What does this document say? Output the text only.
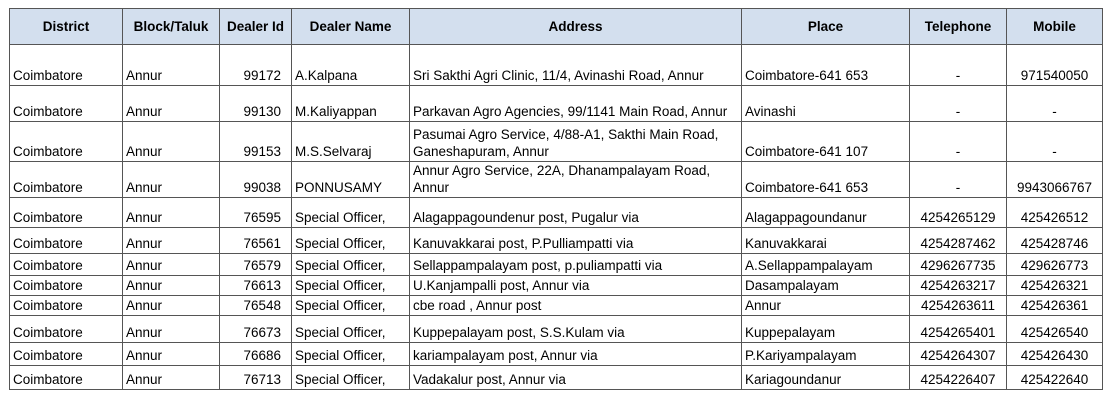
District	Block/Taluk	Dealer Id	Dealer Name	Address	Place	Telephone	Mobile
Coimbatore	Annur	99172	A.Kalpana	Sri Sakthi Agri Clinic, 11/4, Avinashi Road, Annur	Coimbatore-641 653	-	971540050
Coimbatore	Annur	99130	M.Kaliyappan	Parkavan Agro Agencies, 99/1141 Main Road, Annur	Avinashi	-	-
Coimbatore	Annur	99153	M.S.Selvaraj	Pasumai Agro Service, 4/88-A1, Sakthi Main Road, Ganeshapuram, Annur	Coimbatore-641 107	-	-
Coimbatore	Annur	99038	PONNUSAMY	Annur Agro Service, 22A, Dhanampalayam Road, Annur	Coimbatore-641 653	-	9943066767
Coimbatore	Annur	76595	Special Officer,	Alagappagoundenur post, Pugalur via	Alagappagoundanur	4254265129	425426512
Coimbatore	Annur	76561	Special Officer,	Kanuvakkarai post, P.Pulliampatti via	Kanuvakkarai	4254287462	425428746
Coimbatore	Annur	76579	Special Officer,	Sellappampalayam post, p.puliampatti via	A.Sellappampalayam	4296267735	429626773
Coimbatore	Annur	76613	Special Officer,	U.Kanjampalli post, Annur via	Dasampalayam	4254263217	425426321
Coimbatore	Annur	76548	Special Officer,	cbe road , Annur post	Annur	4254263611	425426361
Coimbatore	Annur	76673	Special Officer,	Kuppepalayam post, S.S.Kulam via	Kuppepalayam	4254265401	425426540
Coimbatore	Annur	76686	Special Officer,	kariampalayam post, Annur via	P.Kariyampalayam	4254264307	425426430
Coimbatore	Annur	76713	Special Officer,	Vadakalur post, Annur via	Kariagoundanur	4254226407	425422640
